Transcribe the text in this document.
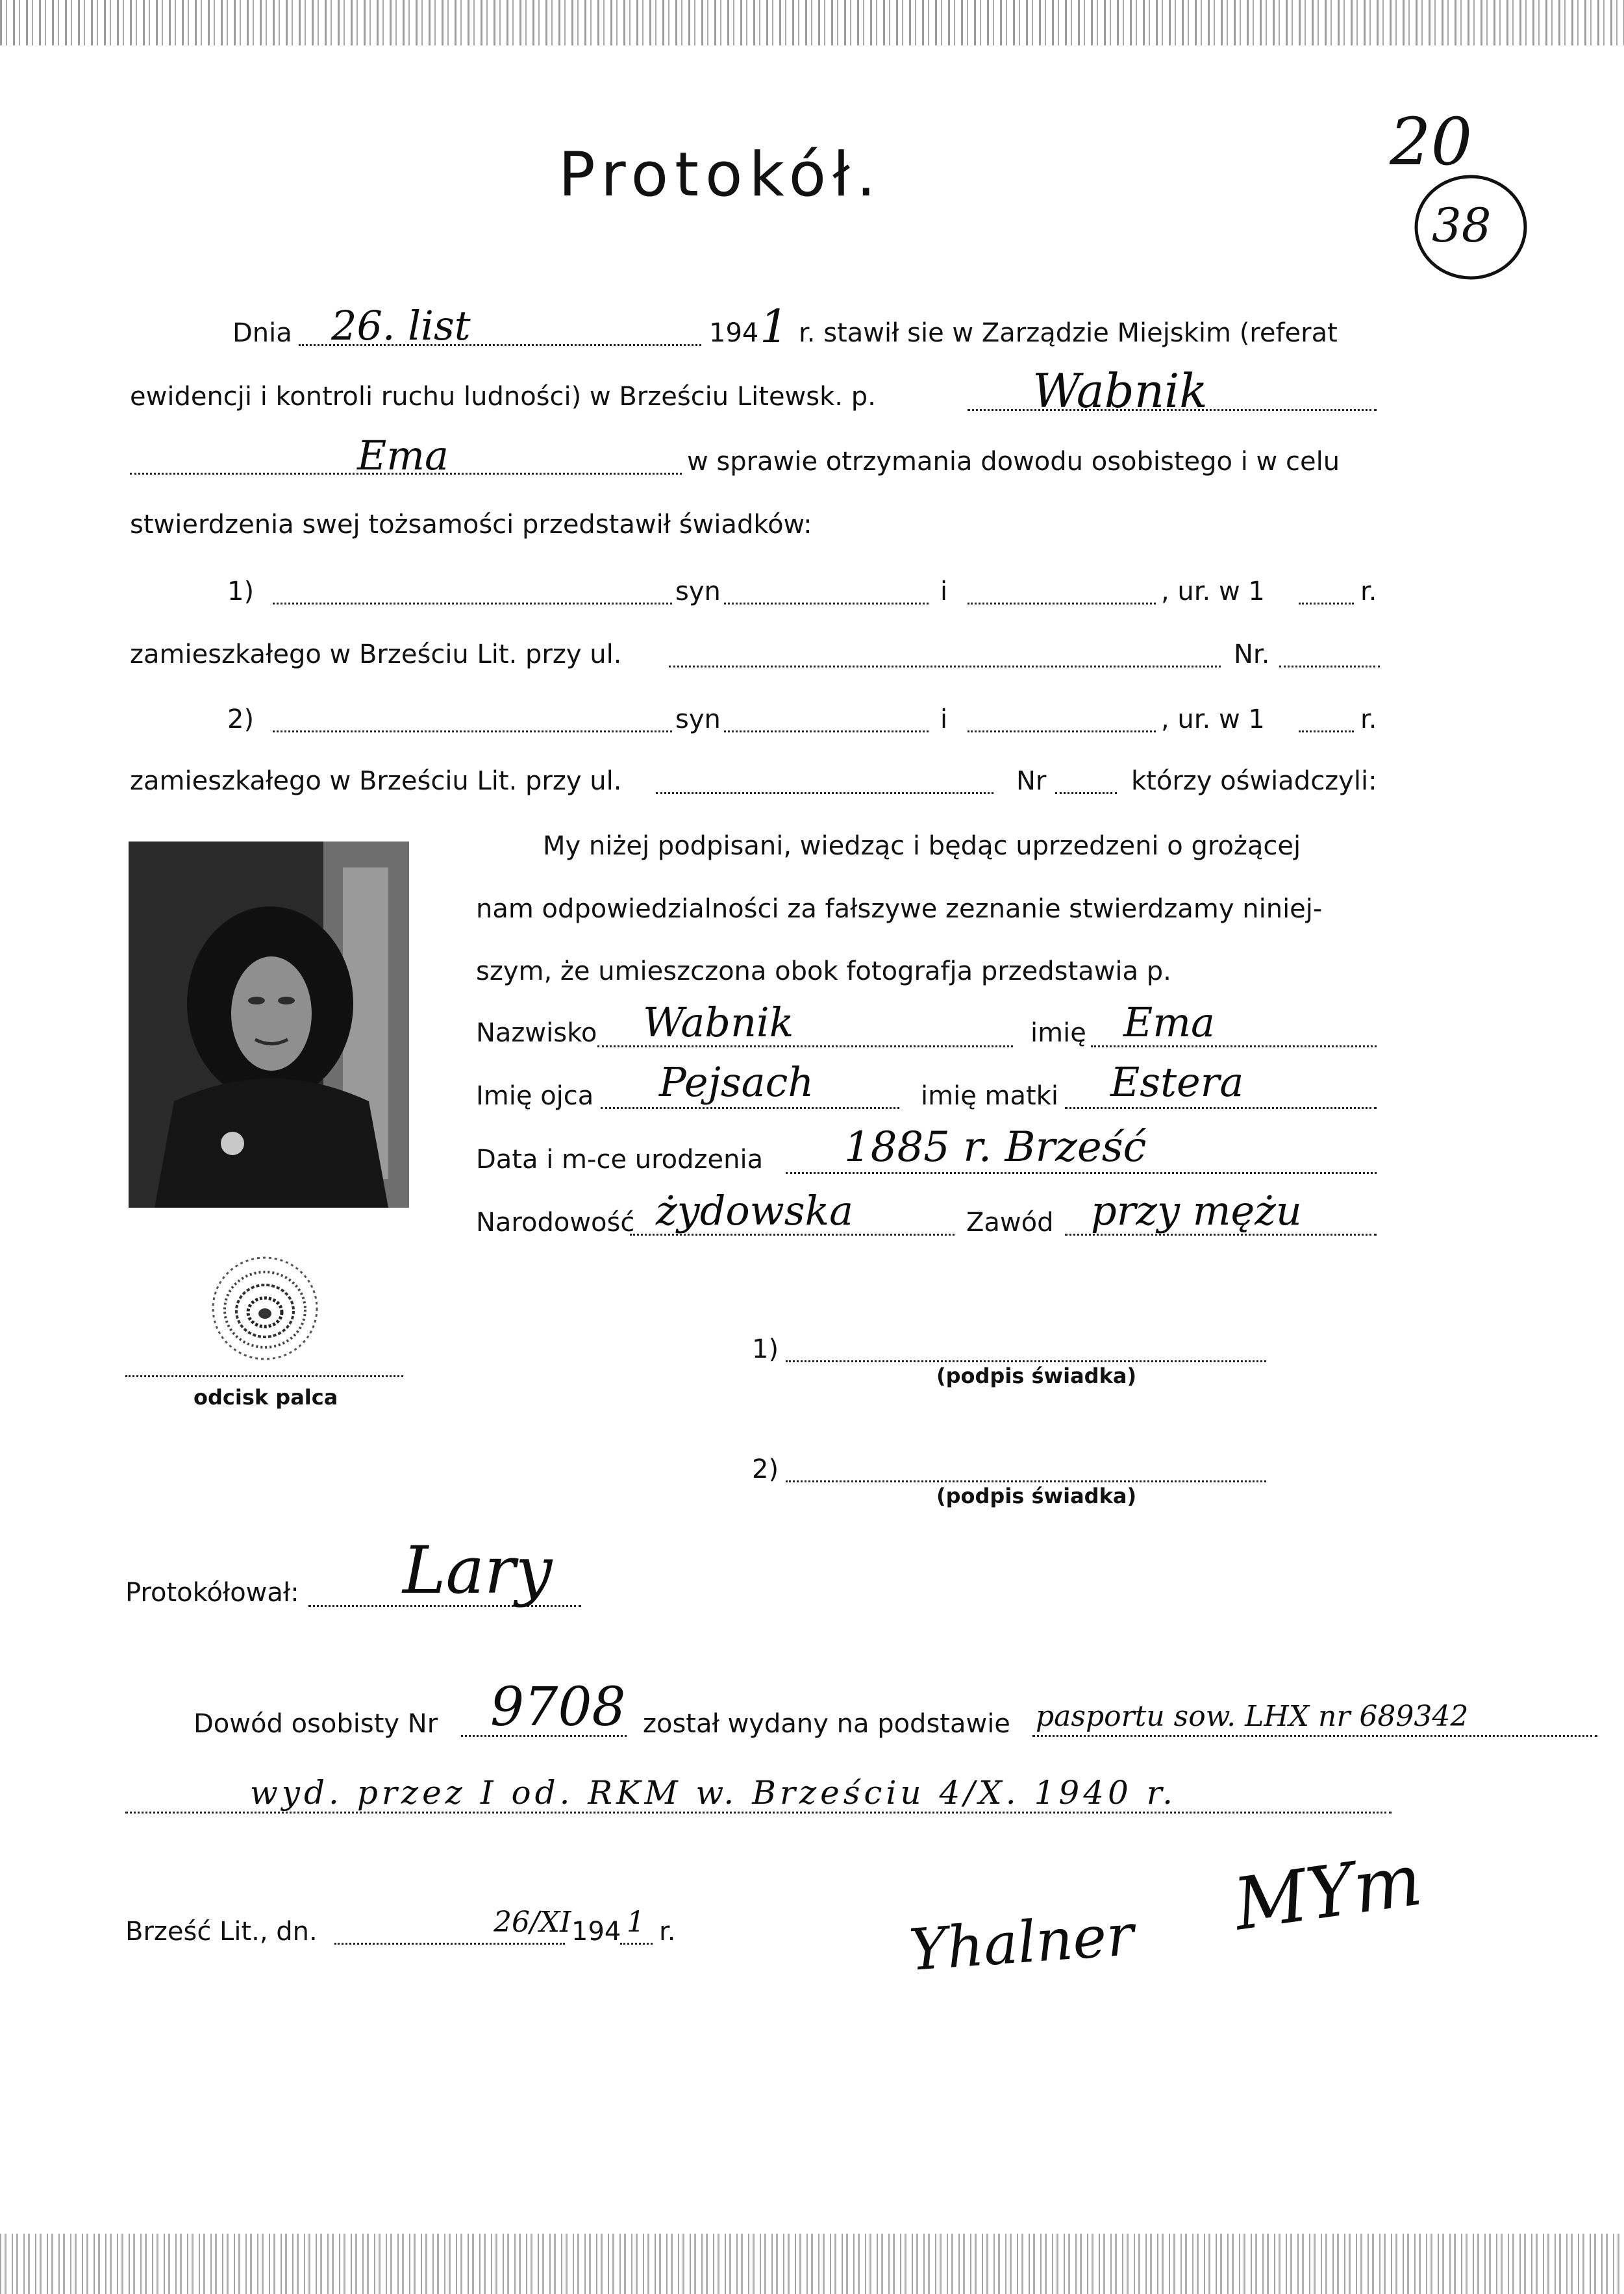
Protokół.	20
38
Dnia 26. list	194 1 r. stawił sie w Zarządzie Miejskim (referat
ewidencji i kontroli ruchu ludności) w Brześciu Litewsk. p.	Wabnik
Ema	w sprawie otrzymania dowodu osobistego i w celu
stwierdzenia swej tożsamości przedstawił świadków:
1)	syn	i	, ur. w 1	r.
zamieszkałego w Brześciu Lit. przy ul.	Nr.
2)	syn	i	, ur. w 1	r.
zamieszkałego w Brześciu Lit. przy ul.	Nr	którzy oświadczyli:
My niżej podpisani, wiedząc i będąc uprzedzeni o grożącej
nam odpowiedzialności za fałszywe zeznanie stwierdzamy niniej-
szym, że umieszczona obok fotografja przedstawia p.
Nazwisko Wabnik	imię Ema
Imię ojca Pejsach	imię matki Estera
Data i m-ce urodzenia 1885 r. Brześć
Narodowość żydowska	Zawód przy mężu
odcisk palca
1)
(podpis świadka)
2)
(podpis świadka)
Protokółował: Lary
Dowód osobisty Nr 9708 został wydany na podstawie pasportu sow. LHX nr 689342
wyd. przez I od. RKM w. Brześciu 4/X. 1940 r.
Brześć Lit., dn.	26/XI 194 1 r.	Yhalner MYm
